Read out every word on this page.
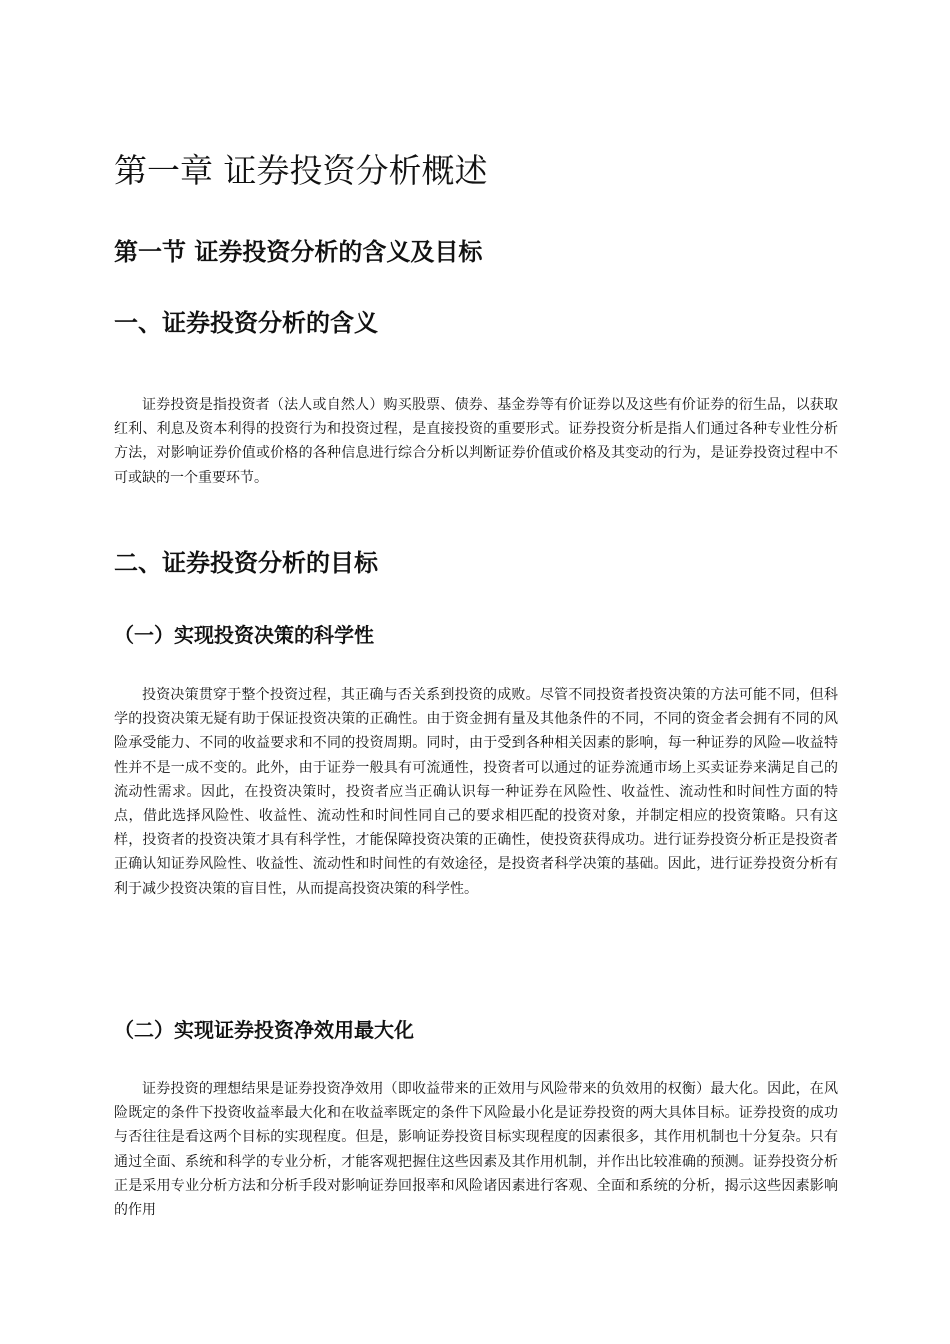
第一章 证券投资分析概述
第一节 证券投资分析的含义及目标
一、证券投资分析的含义

证券投资是指投资者（法人或自然人）购买股票、债券、基金券等有价证券以及这些有价证券的衍生品，以获取红利、利息及资本利得的投资行为和投资过程，是直接投资的重要形式。证券投资分析是指人们通过各种专业性分析方法，对影响证券价值或价格的各种信息进行综合分析以判断证券价值或价格及其变动的行为，是证券投资过程中不可或缺的一个重要环节。

二、证券投资分析的目标
（一）实现投资决策的科学性

投资决策贯穿于整个投资过程，其正确与否关系到投资的成败。尽管不同投资者投资决策的方法可能不同，但科学的投资决策无疑有助于保证投资决策的正确性。由于资金拥有量及其他条件的不同，不同的资金者会拥有不同的风险承受能力、不同的收益要求和不同的投资周期。同时，由于受到各种相关因素的影响，每一种证券的风险—收益特性并不是一成不变的。此外，由于证券一般具有可流通性，投资者可以通过的证券流通市场上买卖证券来满足自己的流动性需求。因此，在投资决策时，投资者应当正确认识每一种证券在风险性、收益性、流动性和时间性方面的特点，借此选择风险性、收益性、流动性和时间性同自己的要求相匹配的投资对象，并制定相应的投资策略。只有这样，投资者的投资决策才具有科学性，才能保障投资决策的正确性，使投资获得成功。进行证券投资分析正是投资者正确认知证券风险性、收益性、流动性和时间性的有效途径，是投资者科学决策的基础。因此，进行证券投资分析有利于减少投资决策的盲目性，从而提高投资决策的科学性。

（二）实现证券投资净效用最大化

证券投资的理想结果是证券投资净效用（即收益带来的正效用与风险带来的负效用的权衡）最大化。因此，在风险既定的条件下投资收益率最大化和在收益率既定的条件下风险最小化是证券投资的两大具体目标。证券投资的成功与否往往是看这两个目标的实现程度。但是，影响证券投资目标实现程度的因素很多，其作用机制也十分复杂。只有通过全面、系统和科学的专业分析，才能客观把握住这些因素及其作用机制，并作出比较准确的预测。证券投资分析正是采用专业分析方法和分析手段对影响证券回报率和风险诸因素进行客观、全面和系统的分析，揭示这些因素影响的作用
